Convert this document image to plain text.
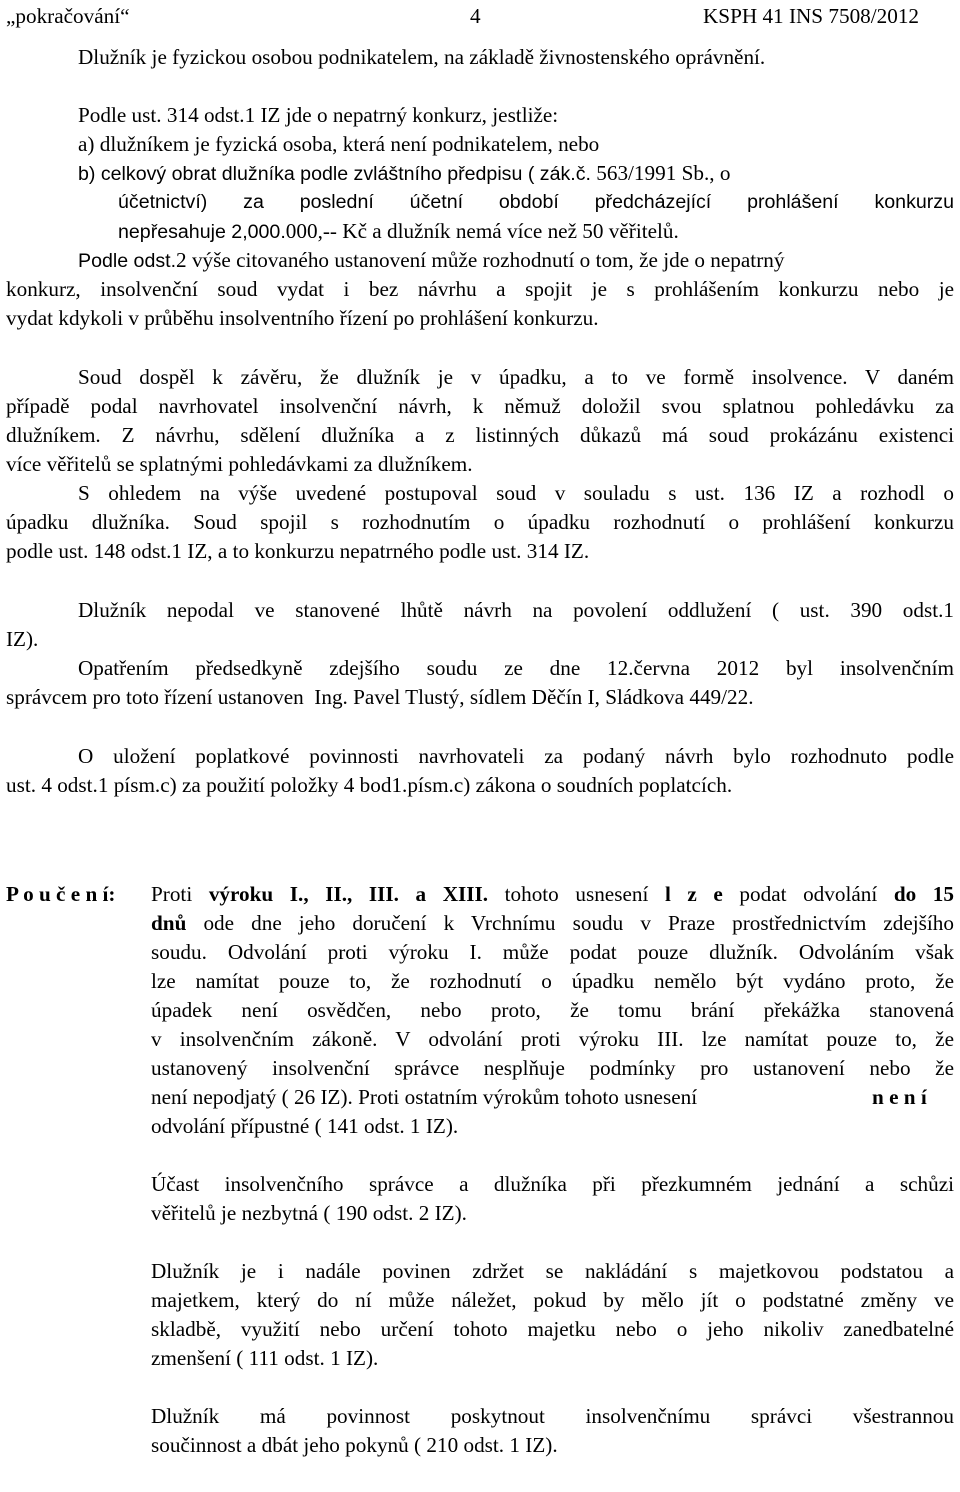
„pokračování“	4	KSPH 41 INS 7508/2012
Dlužník je fyzickou osobou podnikatelem, na základě živnostenského oprávnění.
Podle ust. 314 odst.1 IZ jde o nepatrný konkurz, jestliže:
a) dlužníkem je fyzická osoba, která není podnikatelem, nebo
b) celkový obrat dlužníka podle zvláštního předpisu ( zák.č. 563/1991 Sb., o
účetnictví) za poslední účetní období předcházející prohlášení konkurzu
nepřesahuje 2,000.000,-- Kč a dlužník nemá více než 50 věřitelů.
Podle odst.2 výše citovaného ustanovení může rozhodnutí o tom, že jde o nepatrný
konkurz, insolvenční soud vydat i bez návrhu a spojit je s prohlášením konkurzu nebo je
vydat kdykoli v průběhu insolventního řízení po prohlášení konkurzu.
Soud dospěl k závěru, že dlužník je v úpadku, a to ve formě insolvence. V daném
případě podal navrhovatel insolvenční návrh, k němuž doložil svou splatnou pohledávku za
dlužníkem. Z návrhu, sdělení dlužníka a z listinných důkazů má soud prokázánu existenci
více věřitelů se splatnými pohledávkami za dlužníkem.
S ohledem na výše uvedené postupoval soud v souladu s ust. 136 IZ a rozhodl o
úpadku dlužníka. Soud spojil s rozhodnutím o úpadku rozhodnutí o prohlášení konkurzu
podle ust. 148 odst.1 IZ, a to konkurzu nepatrného podle ust. 314 IZ.
Dlužník nepodal ve stanovené lhůtě návrh na povolení oddlužení ( ust. 390 odst.1
IZ).
Opatřením předsedkyně zdejšího soudu ze dne 12.června 2012 byl insolvenčním
správcem pro toto řízení ustanoven  Ing. Pavel Tlustý, sídlem Děčín I, Sládkova 449/22.
O uložení poplatkové povinnosti navrhovateli za podaný návrh bylo rozhodnuto podle
ust. 4 odst.1 písm.c) za použití položky 4 bod1.písm.c) zákona o soudních poplatcích.
P o u č e n í: Proti výroku I., II., III. a XIII. tohoto usnesení l z e podat odvolání do 15
dnů ode dne jeho doručení k Vrchnímu soudu v Praze prostřednictvím zdejšího
soudu. Odvolání proti výroku I. může podat pouze dlužník. Odvoláním však
lze namítat pouze to, že rozhodnutí o úpadku nemělo být vydáno proto, že
úpadek není osvědčen, nebo proto, že tomu brání překážka stanovená
v insolvenčním zákoně. V odvolání proti výroku III. lze namítat pouze to, že
ustanovený insolvenční správce nesplňuje podmínky pro ustanovení nebo že
není nepodjatý ( 26 IZ). Proti ostatním výrokům tohoto usnesení	n e n í
odvolání přípustné ( 141 odst. 1 IZ).
Účast insolvenčního správce a dlužníka při přezkumném jednání a schůzi
věřitelů je nezbytná ( 190 odst. 2 IZ).
Dlužník je i nadále povinen zdržet se nakládání s majetkovou podstatou a
majetkem, který do ní může náležet, pokud by mělo jít o podstatné změny ve
skladbě, využití nebo určení tohoto majetku nebo o jeho nikoliv zanedbatelné
zmenšení ( 111 odst. 1 IZ).
Dlužník má povinnost poskytnout insolvenčnímu správci všestrannou
součinnost a dbát jeho pokynů ( 210 odst. 1 IZ).
